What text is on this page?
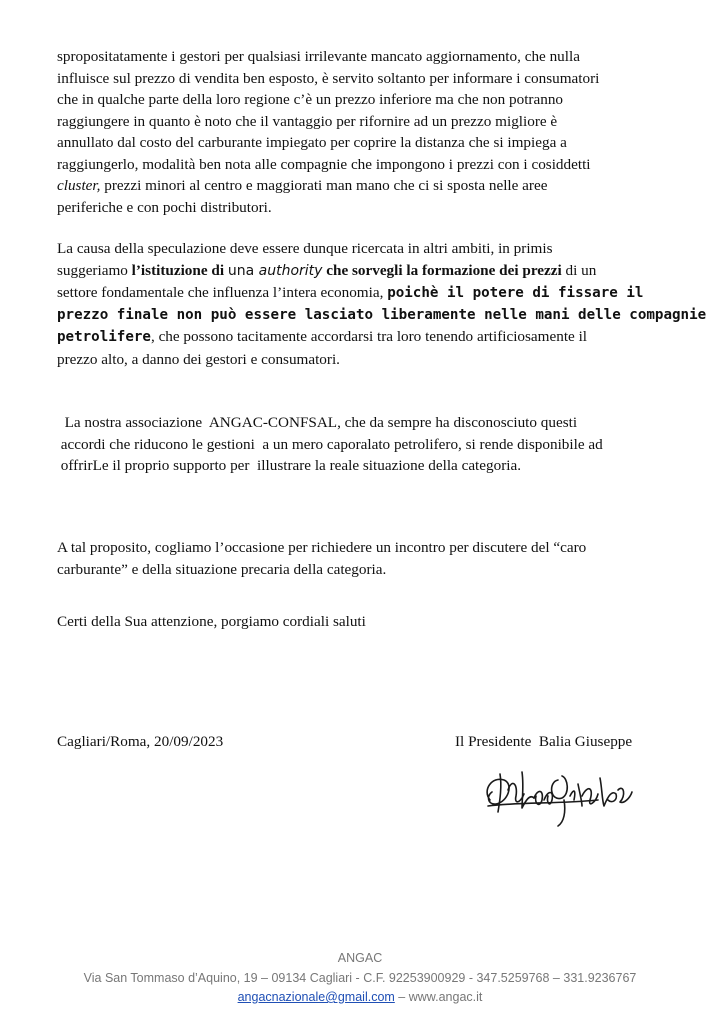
spropositatamente i gestori per qualsiasi irrilevante mancato aggiornamento, che nulla

influisce sul prezzo di vendita ben esposto, è servito soltanto per informare i consumatori

che in qualche parte della loro regione c’è un prezzo inferiore ma che non potranno

raggiungere in quanto è noto che il vantaggio per rifornire ad un prezzo migliore è

annullato dal costo del carburante impiegato per coprire la distanza che si impiega a

raggiungerlo, modalità ben nota alle compagnie che impongono i prezzi con i cosiddetti

cluster, prezzi minori al centro e maggiorati man mano che ci si sposta nelle aree

periferiche e con pochi distributori.

La causa della speculazione deve essere dunque ricercata in altri ambiti, in primis

suggeriamo l’istituzione di una authority che sorvegli la formazione dei prezzi di un

settore fondamentale che influenza l’intera economia, poichè il potere di fissare il

prezzo finale non può essere lasciato liberamente nelle mani delle compagnie

petrolifere, che possono tacitamente accordarsi tra loro tenendo artificiosamente il

prezzo alto, a danno dei gestori e consumatori.

La nostra associazione  ANGAC-CONFSAL, che da sempre ha disconosciuto questi

accordi che riducono le gestioni  a un mero caporalato petrolifero, si rende disponibile ad

offrirLe il proprio supporto per  illustrare la reale situazione della categoria.

A tal proposito, cogliamo l’occasione per richiedere un incontro per discutere del “caro

carburante” e della situazione precaria della categoria.

Certi della Sua attenzione, porgiamo cordiali saluti

Cagliari/Roma, 20/09/2023	Il Presidente  Balia Giuseppe
ANGAC
Via San Tommaso d’Aquino, 19 – 09134 Cagliari - C.F. 92253900929 - 347.5259768 – 331.9236767
angacnazionale@gmail.com – www.angac.it
